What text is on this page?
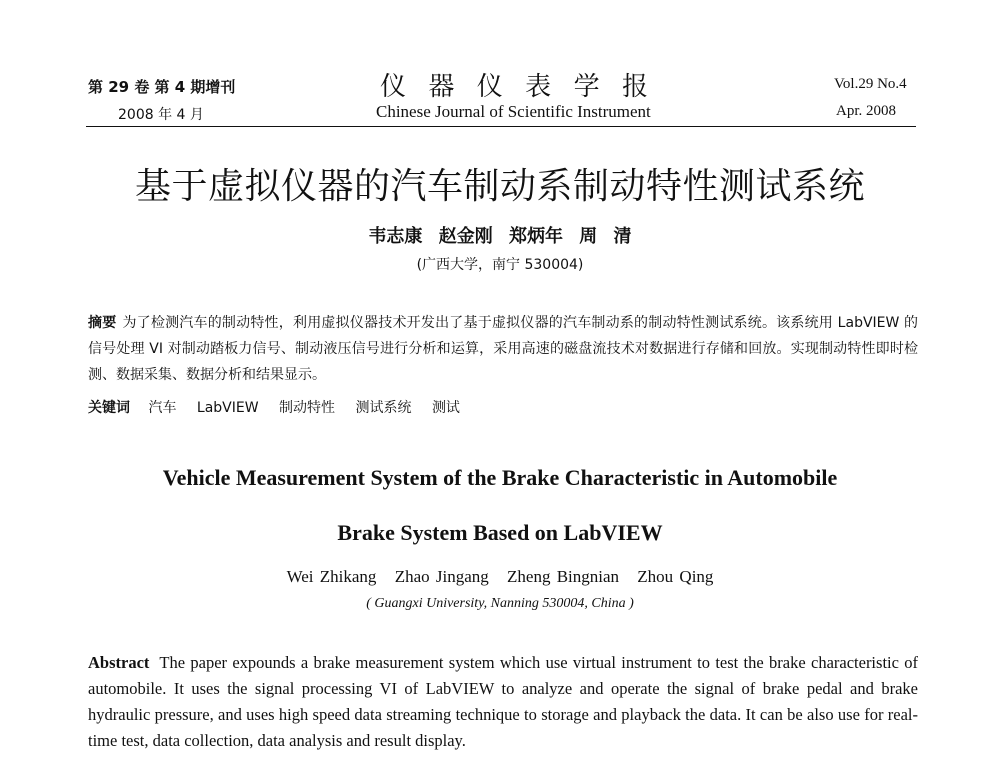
第 29 卷 第 4 期增刊
2008 年 4 月
仪 器 仪 表 学 报
Chinese Journal of Scientific Instrument
Vol.29 No.4
Apr. 2008
基于虚拟仪器的汽车制动系制动特性测试系统
韦志康 赵金刚 郑炳年 周 清
(广西大学，南宁 530004)
摘要 为了检测汽车的制动特性，利用虚拟仪器技术开发出了基于虚拟仪器的汽车制动系的制动特性测试系统。该系统用 LabVIEW 的信号处理 VI 对制动踏板力信号、制动液压信号进行分析和运算，采用高速的磁盘流技术对数据进行存储和回放。实现制动特性即时检测、数据采集、数据分析和结果显示。
关键词 汽车 LabVIEW 制动特性 测试系统 测试
Vehicle Measurement System of the Brake Characteristic in Automobile
Brake System Based on LabVIEW
Wei Zhikang Zhao Jingang Zheng Bingnian Zhou Qing
( Guangxi University, Nanning 530004, China )
Abstract The paper expounds a brake measurement system which use virtual instrument to test the brake characteristic of automobile. It uses the signal processing VI of LabVIEW to analyze and operate the signal of brake pedal and brake hydraulic pressure, and uses high speed data streaming technique to storage and playback the data. It can be also use for real-time test, data collection, data analysis and result display.
